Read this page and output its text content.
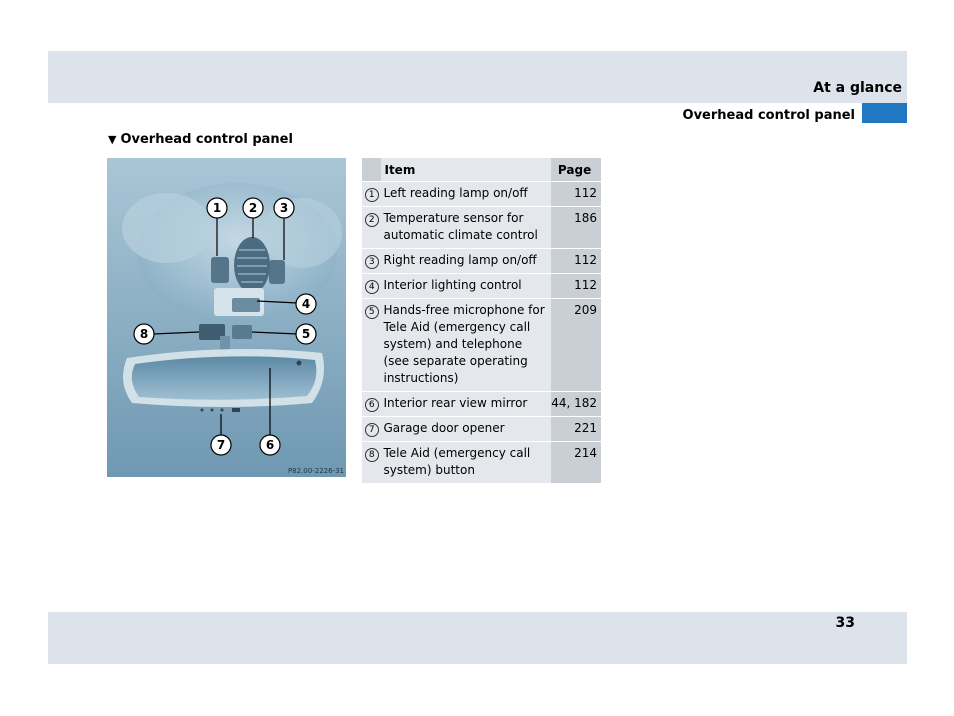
At a glance
Overhead control panel
▼ Overhead control panel
1 2 3
4
5
6
7
8
P82.00-2226-31
	Item	Page
1	Left reading lamp on/off	112
2	Temperature sensor for automatic climate control	186
3	Right reading lamp on/off	112
4	Interior lighting control	112
5	Hands-free microphone for Tele Aid (emergency call system) and telephone (see separate operating instructions)	209
6	Interior rear view mirror	44, 182
7	Garage door opener	221
8	Tele Aid (emergency call system) button	214
33
